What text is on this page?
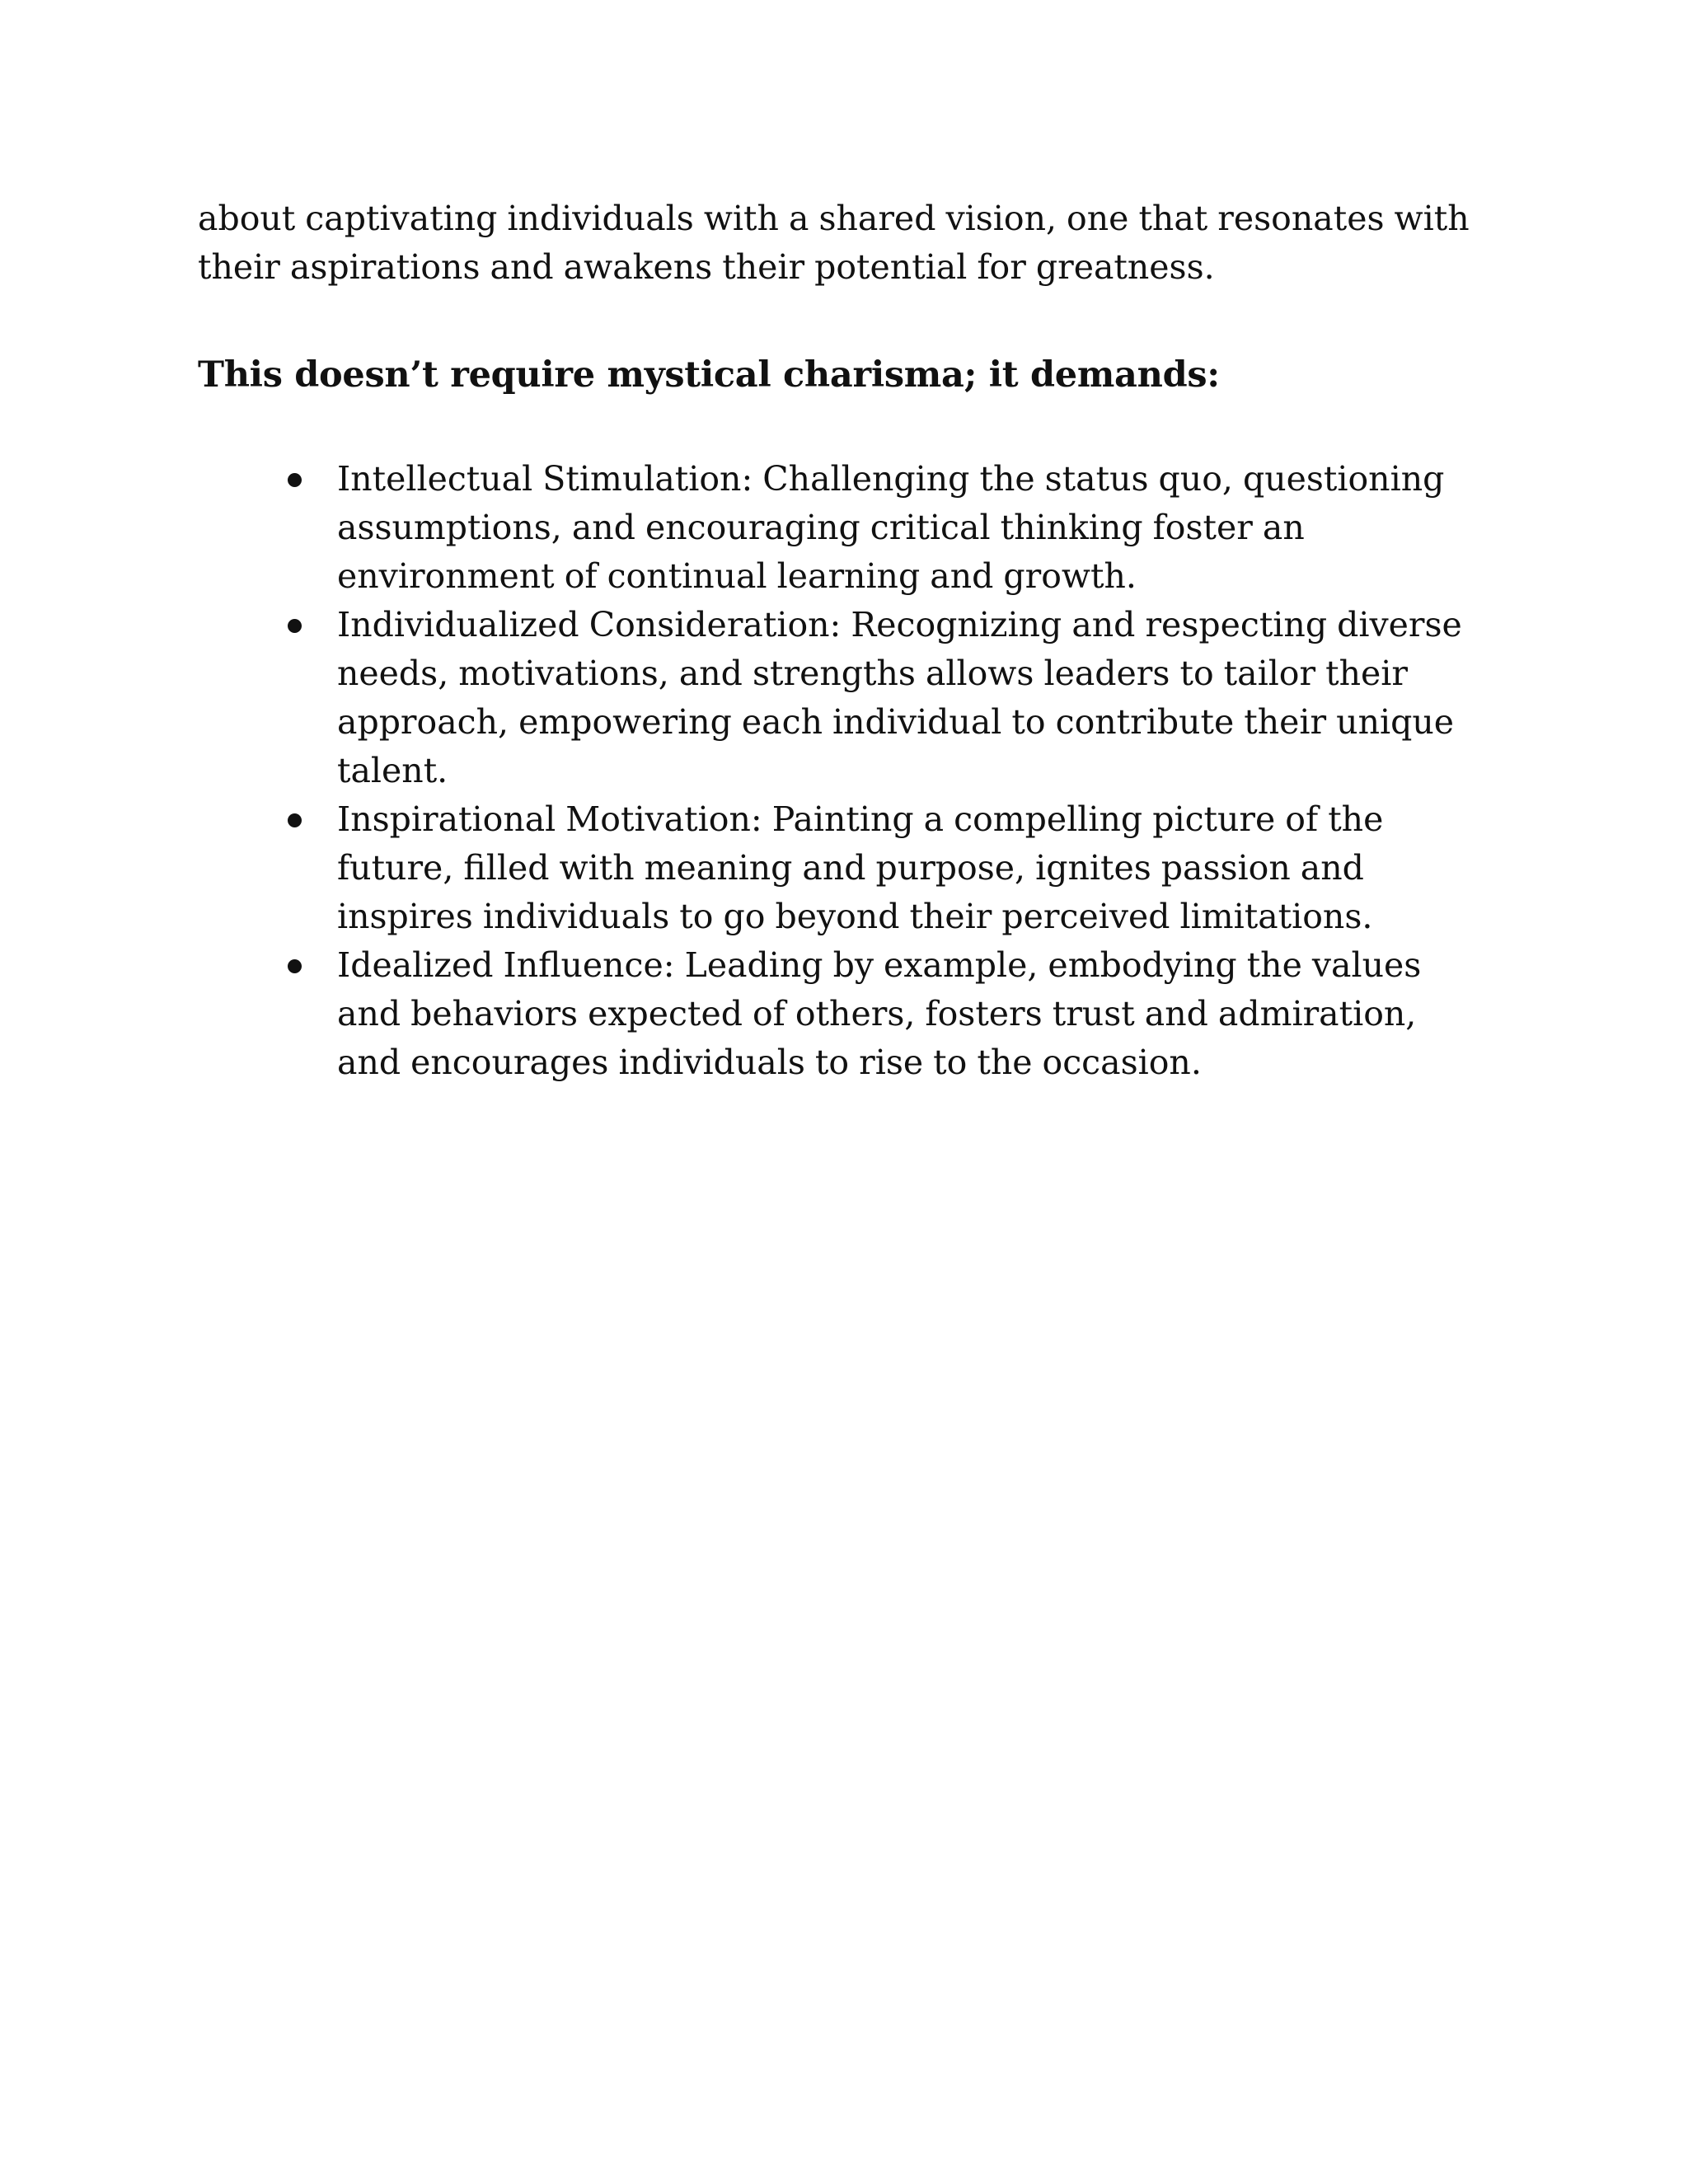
about captivating individuals with a shared vision, one that resonates with their aspirations and awakens their potential for greatness.

This doesn’t require mystical charisma; it demands:
Intellectual Stimulation: Challenging the status quo, questioning assumptions, and encouraging critical thinking foster an environment of continual learning and growth.
Individualized Consideration: Recognizing and respecting diverse needs, motivations, and strengths allows leaders to tailor their approach, empowering each individual to contribute their unique talent.
Inspirational Motivation: Painting a compelling picture of the future, filled with meaning and purpose, ignites passion and inspires individuals to go beyond their perceived limitations.
Idealized Influence: Leading by example, embodying the values and behaviors expected of others, fosters trust and admiration, and encourages individuals to rise to the occasion.
